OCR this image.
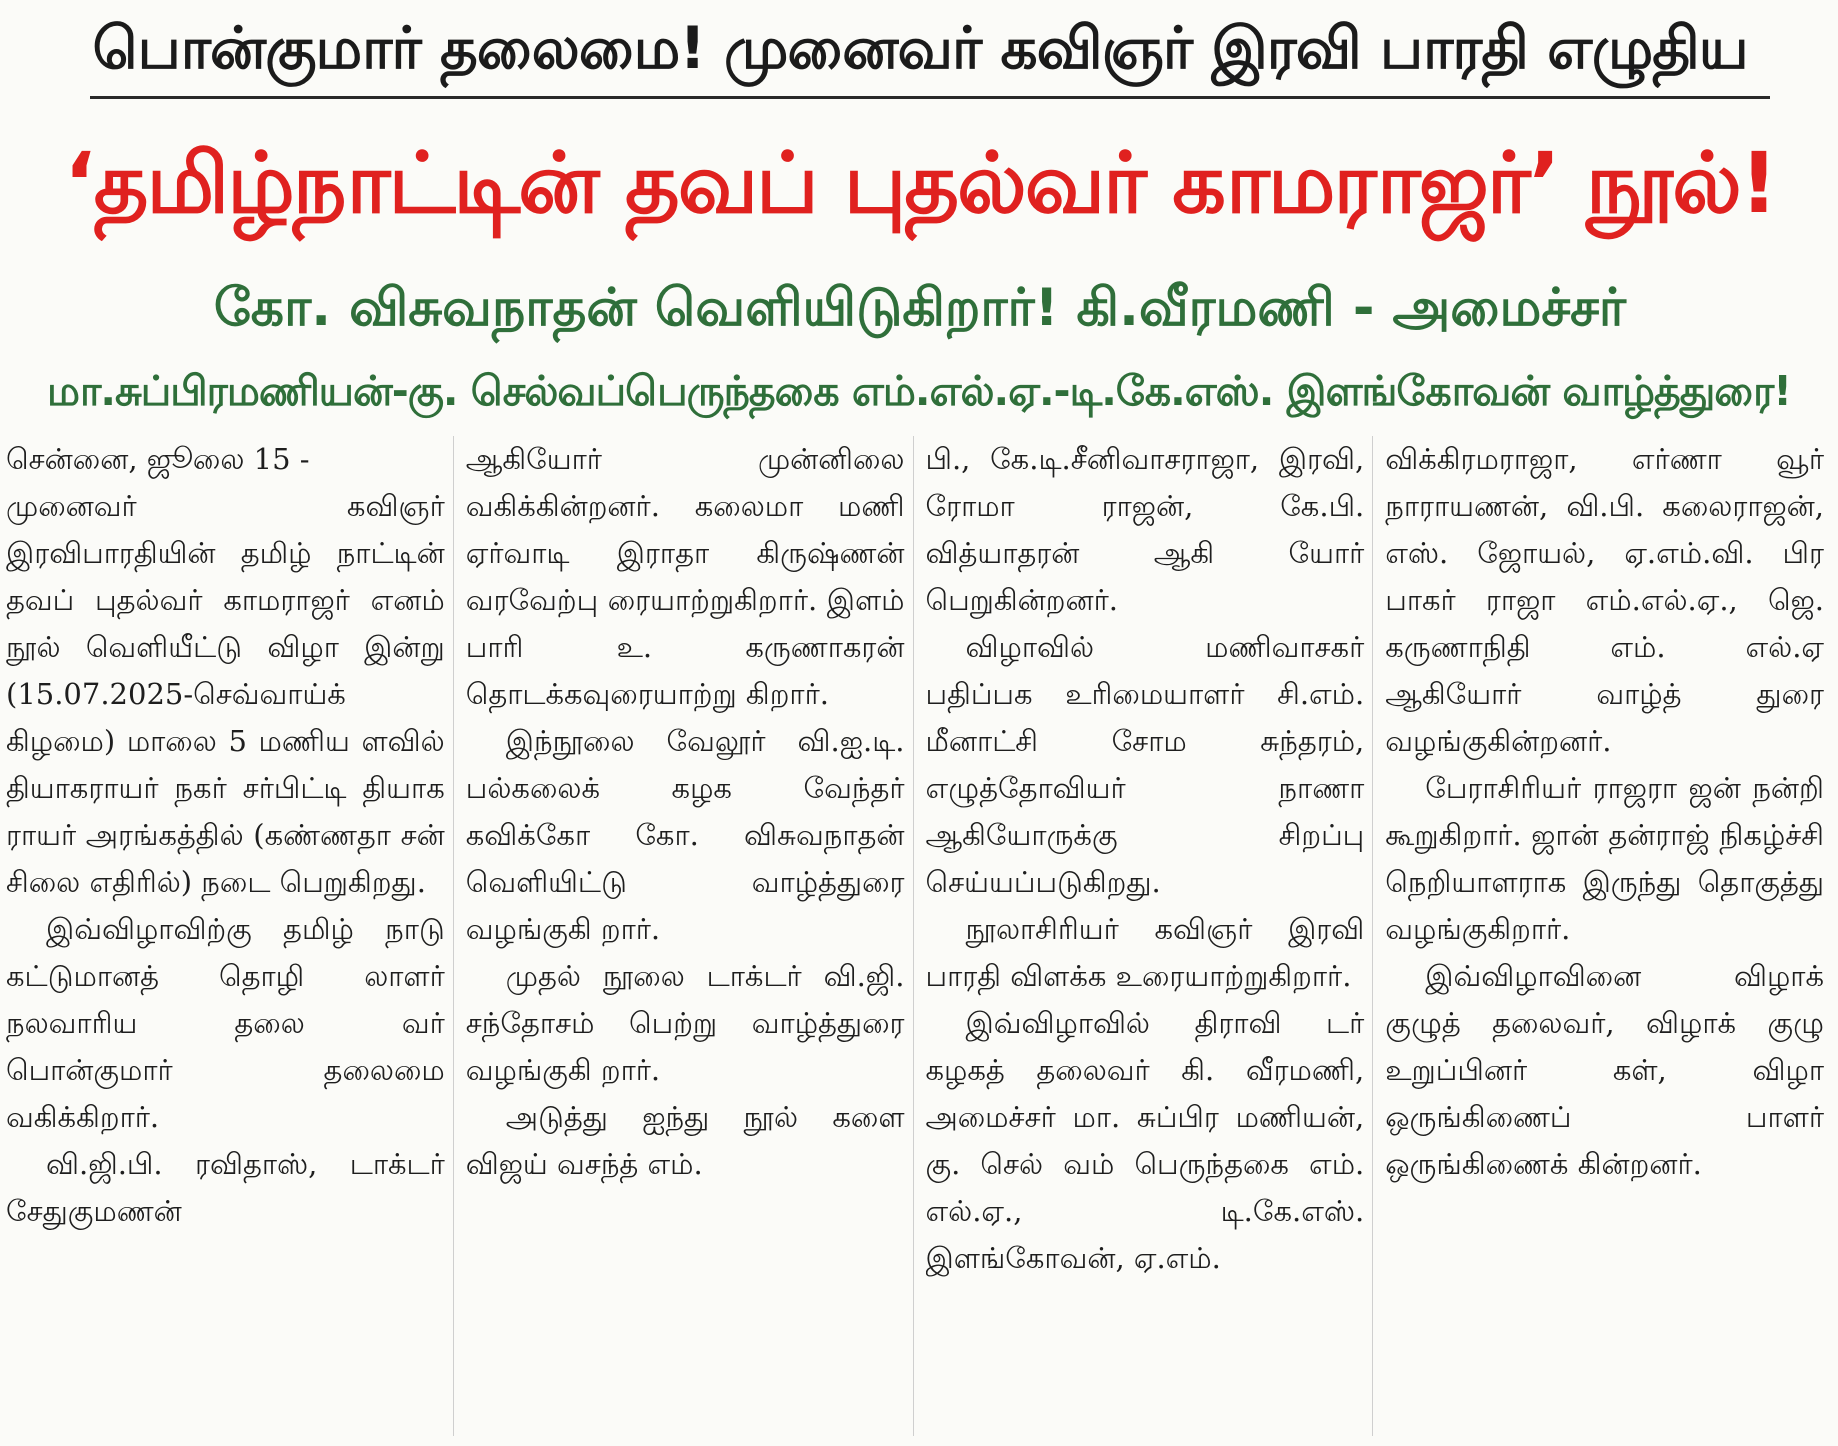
பொன்குமார் தலைமை! முனைவர் கவிஞர் இரவி பாரதி எழுதிய
‘தமிழ்நாட்டின் தவப் புதல்வர் காமராஜர்’ நூல்!
கோ. விசுவநாதன் வெளியிடுகிறார்! கி.வீரமணி - அமைச்சர்
மா.சுப்பிரமணியன்-கு. செல்வப்பெருந்தகை எம்.எல்.ஏ.-டி.கே.எஸ். இளங்கோவன் வாழ்த்துரை!

சென்னை, ஜூலை 15 -
முனைவர் கவிஞர் இரவிபாரதியின் தமிழ் நாட்டின் தவப் புதல்வர் காமராஜர் எனம் நூல் வெளியீட்டு விழா இன்று (15.07.2025-செவ்வாய்க் கிழமை) மாலை 5 மணிய ளவில் தியாகராயர் நகர் சர்பிட்டி தியாக ராயர் அரங்கத்தில் (கண்ணதா சன் சிலை எதிரில்) நடை பெறுகிறது.

இவ்விழாவிற்கு தமிழ் நாடு கட்டுமானத் தொழி லாளர் நலவாரிய தலை வர் பொன்குமார் தலைமை வகிக்கிறார்.

வி.ஜி.பி. ரவிதாஸ், டாக்டர் சேதுகுமணன்

ஆகியோர் முன்னிலை வகிக்கின்றனர். கலைமா மணி ஏர்வாடி இராதா கிருஷ்ணன் வரவேற்பு ரையாற்றுகிறார். இளம் பாரி உ. கருணாகரன் தொடக்கவுரையாற்று கிறார்.

இந்நூலை வேலூர் வி.ஐ.டி. பல்கலைக் கழக வேந்தர் கவிக்கோ கோ. விசுவநாதன் வெளியிட்டு வாழ்த்துரை வழங்குகி றார்.

முதல் நூலை டாக்டர் வி.ஜி. சந்தோசம் பெற்று வாழ்த்துரை வழங்குகி றார்.

அடுத்து ஐந்து நூல் களை விஜய் வசந்த் எம்.

பி., கே.டி.சீனிவாசராஜா, இரவி, ரோமா ராஜன், கே.பி. வித்யாதரன் ஆகி யோர் பெறுகின்றனர்.

விழாவில் மணிவாசகர் பதிப்பக உரிமையாளர் சி.எம். மீனாட்சி சோம சுந்தரம், எழுத்தோவியர் நாணா ஆகியோருக்கு சிறப்பு செய்யப்படுகிறது.

நூலாசிரியர் கவிஞர் இரவி பாரதி விளக்க உரையாற்றுகிறார்.

இவ்விழாவில் திராவி டர் கழகத் தலைவர் கி. வீரமணி, அமைச்சர் மா. சுப்பிர மணியன், கு. செல் வம் பெருந்தகை எம். எல்.ஏ., டி.கே.எஸ். இளங்கோவன், ஏ.எம்.

விக்கிரமராஜா, எர்ணா வூர் நாராயணன், வி.பி. கலைராஜன், எஸ். ஜோயல், ஏ.எம்.வி. பிர பாகர் ராஜா எம்.எல்.ஏ., ஜெ. கருணாநிதி எம். எல்.ஏ ஆகியோர் வாழ்த் துரை வழங்குகின்றனர்.

பேராசிரியர் ராஜரா ஜன் நன்றி கூறுகிறார். ஜான் தன்ராஜ் நிகழ்ச்சி நெறியாளராக இருந்து தொகுத்து வழங்குகிறார்.

இவ்விழாவினை விழாக் குழுத் தலைவர், விழாக் குழு உறுப்பினர் கள், விழா ஒருங்கிணைப் பாளர் ஒருங்கிணைக் கின்றனர்.
